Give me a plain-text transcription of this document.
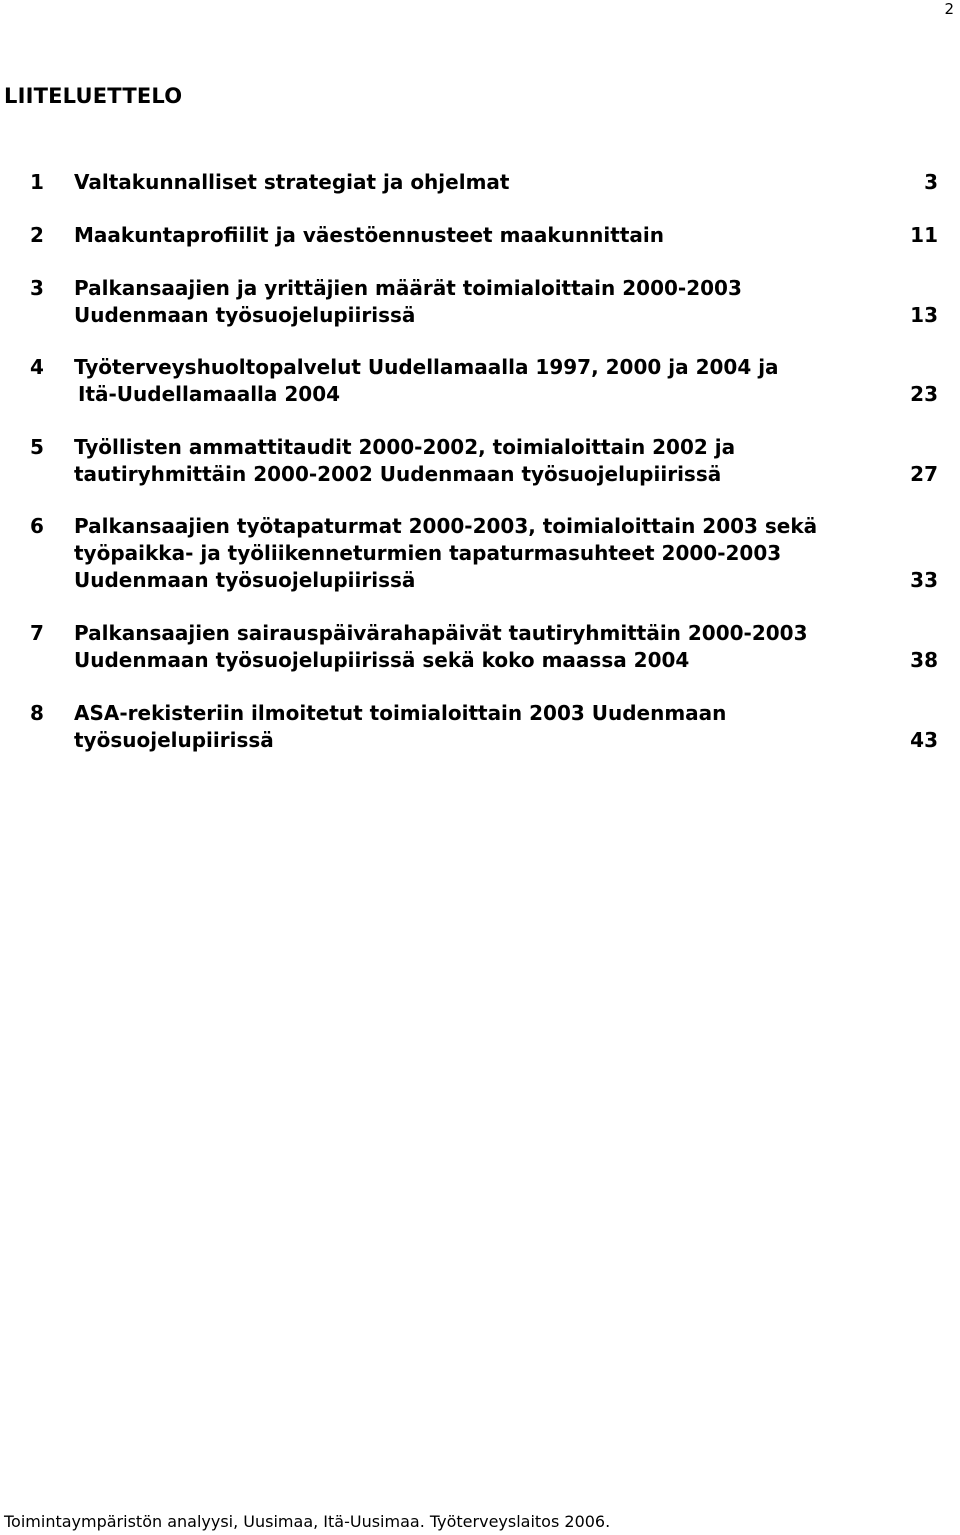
2
LIITELUETTELO
1 Valtakunnalliset strategiat ja ohjelmat	3
2 Maakuntaprofiilit ja väestöennusteet maakunnittain	11
3 Palkansaajien ja yrittäjien määrät toimialoittain 2000-2003
Uudenmaan työsuojelupiirissä	13
4 Työterveyshuoltopalvelut Uudellamaalla 1997, 2000 ja 2004 ja
Itä-Uudellamaalla 2004	23
5 Työllisten ammattitaudit 2000-2002, toimialoittain 2002 ja
tautiryhmittäin 2000-2002 Uudenmaan työsuojelupiirissä	27
6 Palkansaajien työtapaturmat 2000-2003, toimialoittain 2003 sekä
työpaikka- ja työliikenneturmien tapaturmasuhteet 2000-2003
Uudenmaan työsuojelupiirissä	33
7 Palkansaajien sairauspäivärahapäivät tautiryhmittäin 2000-2003
Uudenmaan työsuojelupiirissä sekä koko maassa 2004	38
8 ASA-rekisteriin ilmoitetut toimialoittain 2003 Uudenmaan
työsuojelupiirissä	43
Toimintaympäristön analyysi, Uusimaa, Itä-Uusimaa. Työterveyslaitos 2006.
